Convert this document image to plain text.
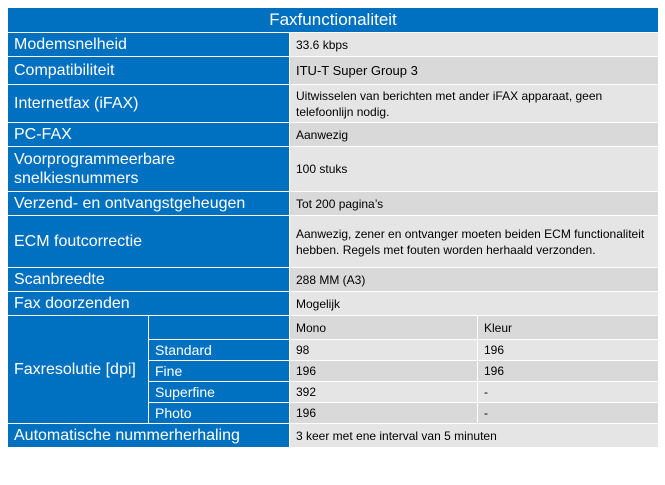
Faxfunctionaliteit			
Modemsnelheid		33.6 kbps	
Compatibiliteit		ITU-T Super Group 3	
Internetfax (iFAX)		Uitwisselen van berichten met ander iFAX apparaat, geen telefoonlijn nodig.	
PC-FAX		Aanwezig	
Voorprogrammeerbare snelkiesnummers		100 stuks	
Verzend- en ontvangstgeheugen		Tot 200 pagina’s	
ECM foutcorrectie		Aanwezig, zener en ontvanger moeten beiden ECM functionaliteit hebben. Regels met fouten worden herhaald verzonden.	
Scanbreedte		288 MM (A3)	
Fax doorzenden		Mogelijk	
Faxresolutie [dpi]		Mono	Kleur
	Standard	98	196
	Fine	196	196
	Superfine	392	-
	Photo	196	-
Automatische nummerherhaling		3 keer met ene interval van 5 minuten	
